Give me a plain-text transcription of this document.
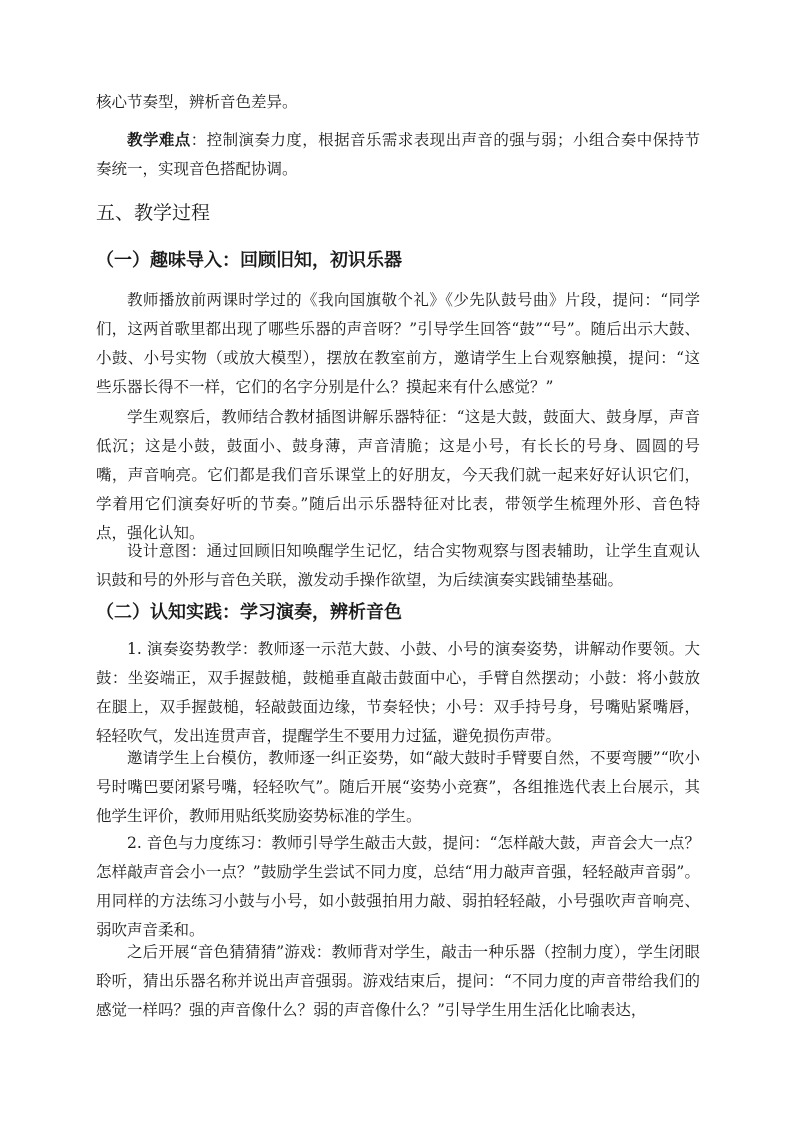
核心节奏型，辨析音色差异。

教学难点：控制演奏力度，根据音乐需求表现出声音的强与弱；小组合奏中保持节奏统一，实现音色搭配协调。

五、教学过程
（一）趣味导入：回顾旧知，初识乐器

教师播放前两课时学过的《我向国旗敬个礼》《少先队鼓号曲》片段，提问：“同学们，这两首歌里都出现了哪些乐器的声音呀？”引导学生回答“鼓”“号”。随后出示大鼓、小鼓、小号实物（或放大模型），摆放在教室前方，邀请学生上台观察触摸，提问：“这些乐器长得不一样，它们的名字分别是什么？摸起来有什么感觉？”

学生观察后，教师结合教材插图讲解乐器特征：“这是大鼓，鼓面大、鼓身厚，声音低沉；这是小鼓，鼓面小、鼓身薄，声音清脆；这是小号，有长长的号身、圆圆的号嘴，声音响亮。它们都是我们音乐课堂上的好朋友，今天我们就一起来好好认识它们，学着用它们演奏好听的节奏。”随后出示乐器特征对比表，带领学生梳理外形、音色特点，强化认知。

设计意图：通过回顾旧知唤醒学生记忆，结合实物观察与图表辅助，让学生直观认识鼓和号的外形与音色关联，激发动手操作欲望，为后续演奏实践铺垫基础。

（二）认知实践：学习演奏，辨析音色

1. 演奏姿势教学：教师逐一示范大鼓、小鼓、小号的演奏姿势，讲解动作要领。大鼓：坐姿端正，双手握鼓槌，鼓槌垂直敲击鼓面中心，手臂自然摆动；小鼓：将小鼓放在腿上，双手握鼓槌，轻敲鼓面边缘，节奏轻快；小号：双手持号身，号嘴贴紧嘴唇，轻轻吹气，发出连贯声音，提醒学生不要用力过猛，避免损伤声带。

邀请学生上台模仿，教师逐一纠正姿势，如“敲大鼓时手臂要自然，不要弯腰”“吹小号时嘴巴要闭紧号嘴，轻轻吹气”。随后开展“姿势小竞赛”，各组推选代表上台展示，其他学生评价，教师用贴纸奖励姿势标准的学生。

2. 音色与力度练习：教师引导学生敲击大鼓，提问：“怎样敲大鼓，声音会大一点？怎样敲声音会小一点？”鼓励学生尝试不同力度，总结“用力敲声音强，轻轻敲声音弱”。用同样的方法练习小鼓与小号，如小鼓强拍用力敲、弱拍轻轻敲，小号强吹声音响亮、弱吹声音柔和。

之后开展“音色猜猜猜”游戏：教师背对学生，敲击一种乐器（控制力度），学生闭眼聆听，猜出乐器名称并说出声音强弱。游戏结束后，提问：“不同力度的声音带给我们的感觉一样吗？强的声音像什么？弱的声音像什么？”引导学生用生活化比喻表达，
